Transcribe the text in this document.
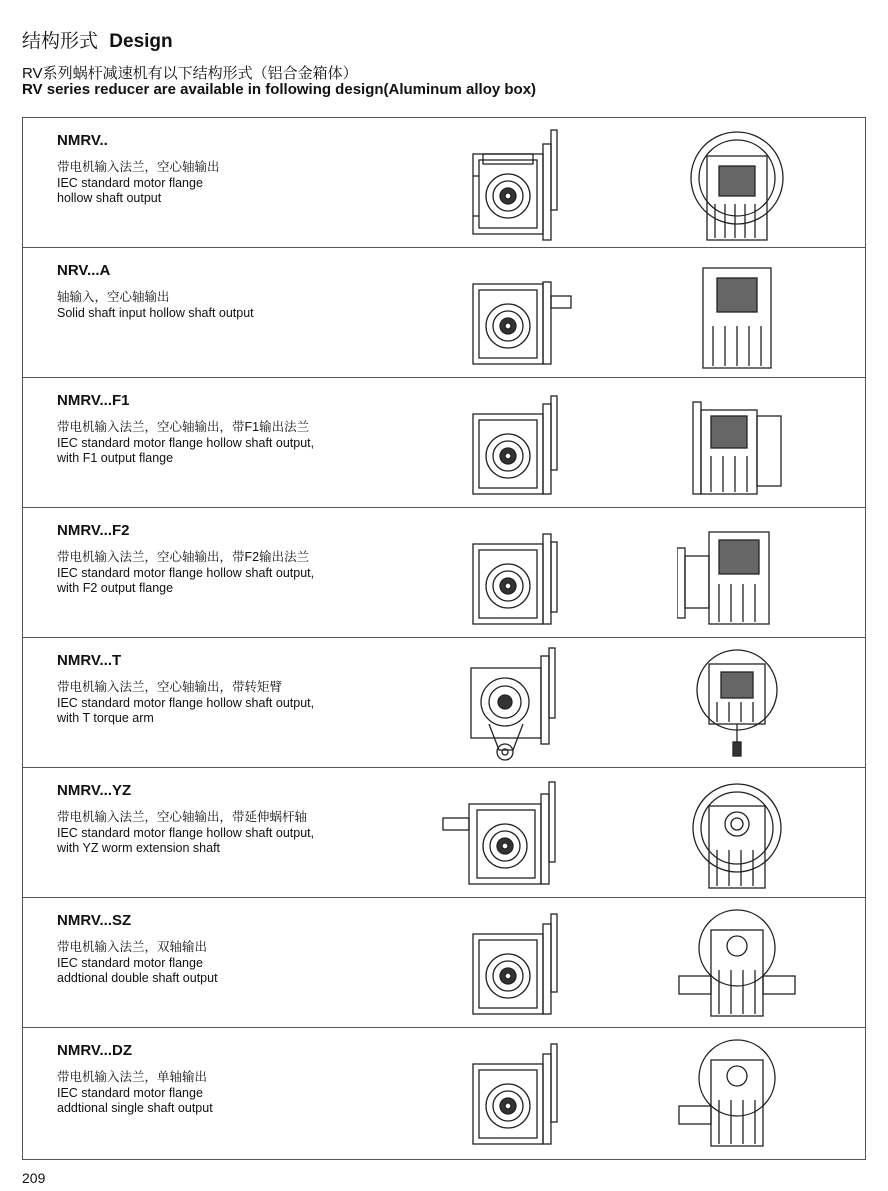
结构形式 Design
RV系列蜗杆减速机有以下结构形式（铝合金箱体）
RV series reducer are available in following design(Aluminum alloy box)
NMRV..
带电机输入法兰，空心轴输出
IEC standard motor flange
hollow shaft output
NRV...A
轴输入，空心轴输出
Solid shaft input hollow shaft output
NMRV...F1
带电机输入法兰，空心轴输出，带F1输出法兰
IEC standard motor flange hollow shaft output,
with F1 output flange
NMRV...F2
带电机输入法兰，空心轴输出，带F2输出法兰
IEC standard motor flange hollow shaft output,
with F2 output flange
NMRV...T
带电机输入法兰，空心轴输出，带转矩臂
IEC standard motor flange hollow shaft output,
with T torque arm
NMRV...YZ
带电机输入法兰，空心轴输出，带延伸蜗杆轴
IEC standard motor flange hollow shaft output,
with YZ worm extension shaft
NMRV...SZ
带电机输入法兰，双轴输出
IEC standard motor flange
addtional double shaft output
NMRV...DZ
带电机输入法兰，单轴输出
IEC standard motor flange
addtional single shaft output
209
